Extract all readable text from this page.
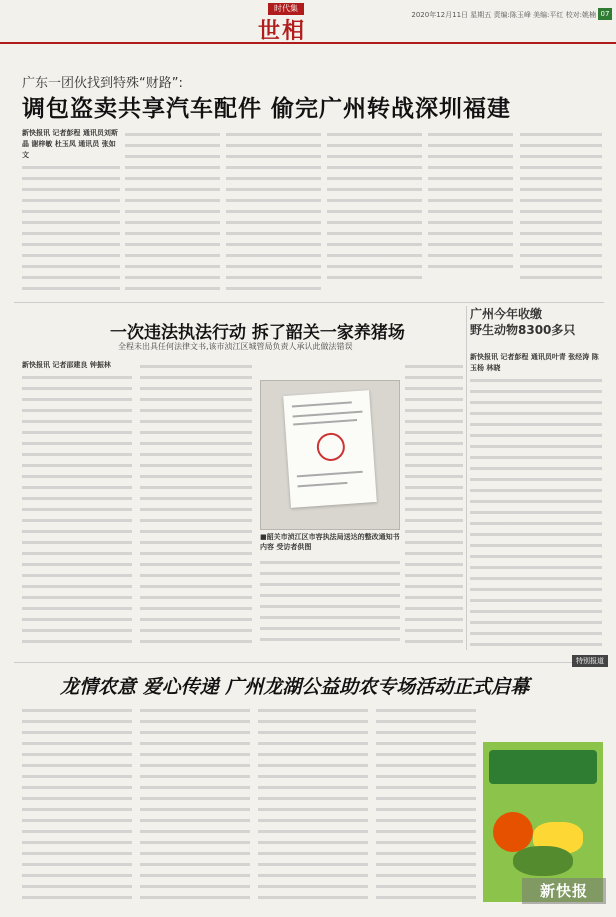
时代集
世相
2020年12月11日 星期五 责编:陈玉峰 美编:平红 校对:姚楠 07
广东一团伙找到特殊“财路”:
调包盗卖共享汽车配件 偷完广州转战深圳福建
新快报讯 记者彭程 通讯员刘斯晶 谢梓敏 杜玉凤 通讯员 张如文
一次违法执法行动 拆了韶关一家养猪场
全程未出具任何法律文书,该市浈江区城管局负责人承认此做法错误
新快报讯 记者邵建良 钟振林
■韶关市浈江区市容执法局送达的整改通知书内容 受访者供图
广州今年收缴
野生动物8300多只
新快报讯 记者彭程 通讯员叶青 张经涛 陈玉杨 林晓
特别报道
龙情农意 爱心传递 广州龙湖公益助农专场活动正式启幕
新快报
